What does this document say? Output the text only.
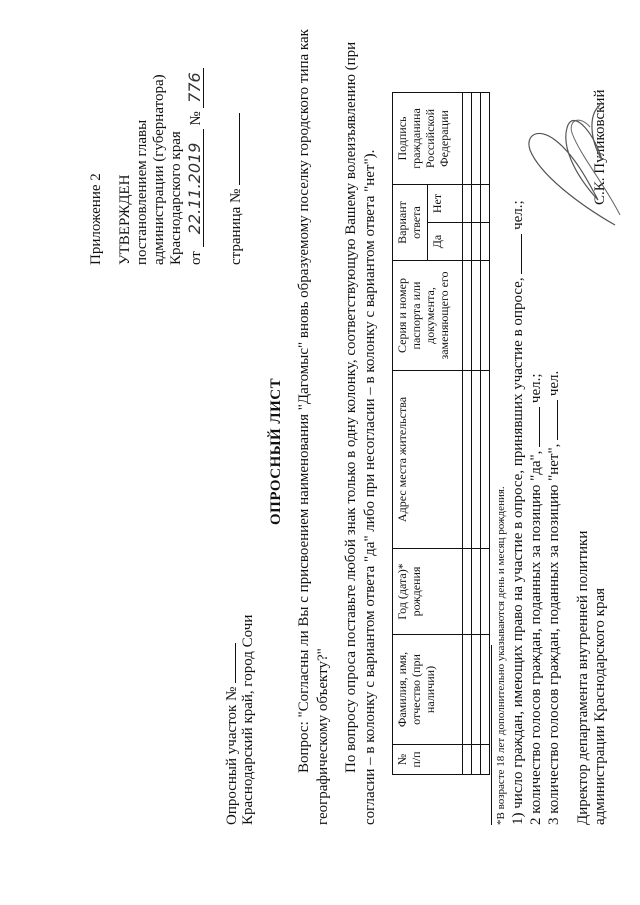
Приложение 2 УТВЕРЖДЕН постановлением главы администрации (губернатора) Краснодарского края от 22.11.2019 № 776
страница №
Опросный участок № Краснодарский край, город Сочи
ОПРОСНЫЙ ЛИСТ Вопрос: "Согласны ли Вы с присвоением наименования "Дагомыс" вновь образуемому поселку городского типа как географическому объекту?" По вопросу опроса поставьте любой знак только в одну колонку, соответствующую Вашему волеизъявлению (при согласии – в колонку с вариантом ответа "да" либо при несогласии – в колонку с вариантом ответа "нет"). № п/п	Фамилия, имя, отчество (при наличии)	Год (дата)* рождения	Адрес места жительства	Серия и номер паспорта или документа, заменяющего его	Вариант ответа		Подпись гражданина Российской Федерации
					Да	Нет	

*В возрасте 18 лет дополнительно указываются день и месяц рождения. 1) число граждан, имеющих право на участие в опросе, принявших участие в опросе,  чел.;
2 количество голосов граждан, поданных за позицию "да",  чел.;
3 количество голосов граждан, поданных за позицию "нет",  чел.
Директор департамента внутренней политики администрации Краснодарского края
С.К. Пуликовский
